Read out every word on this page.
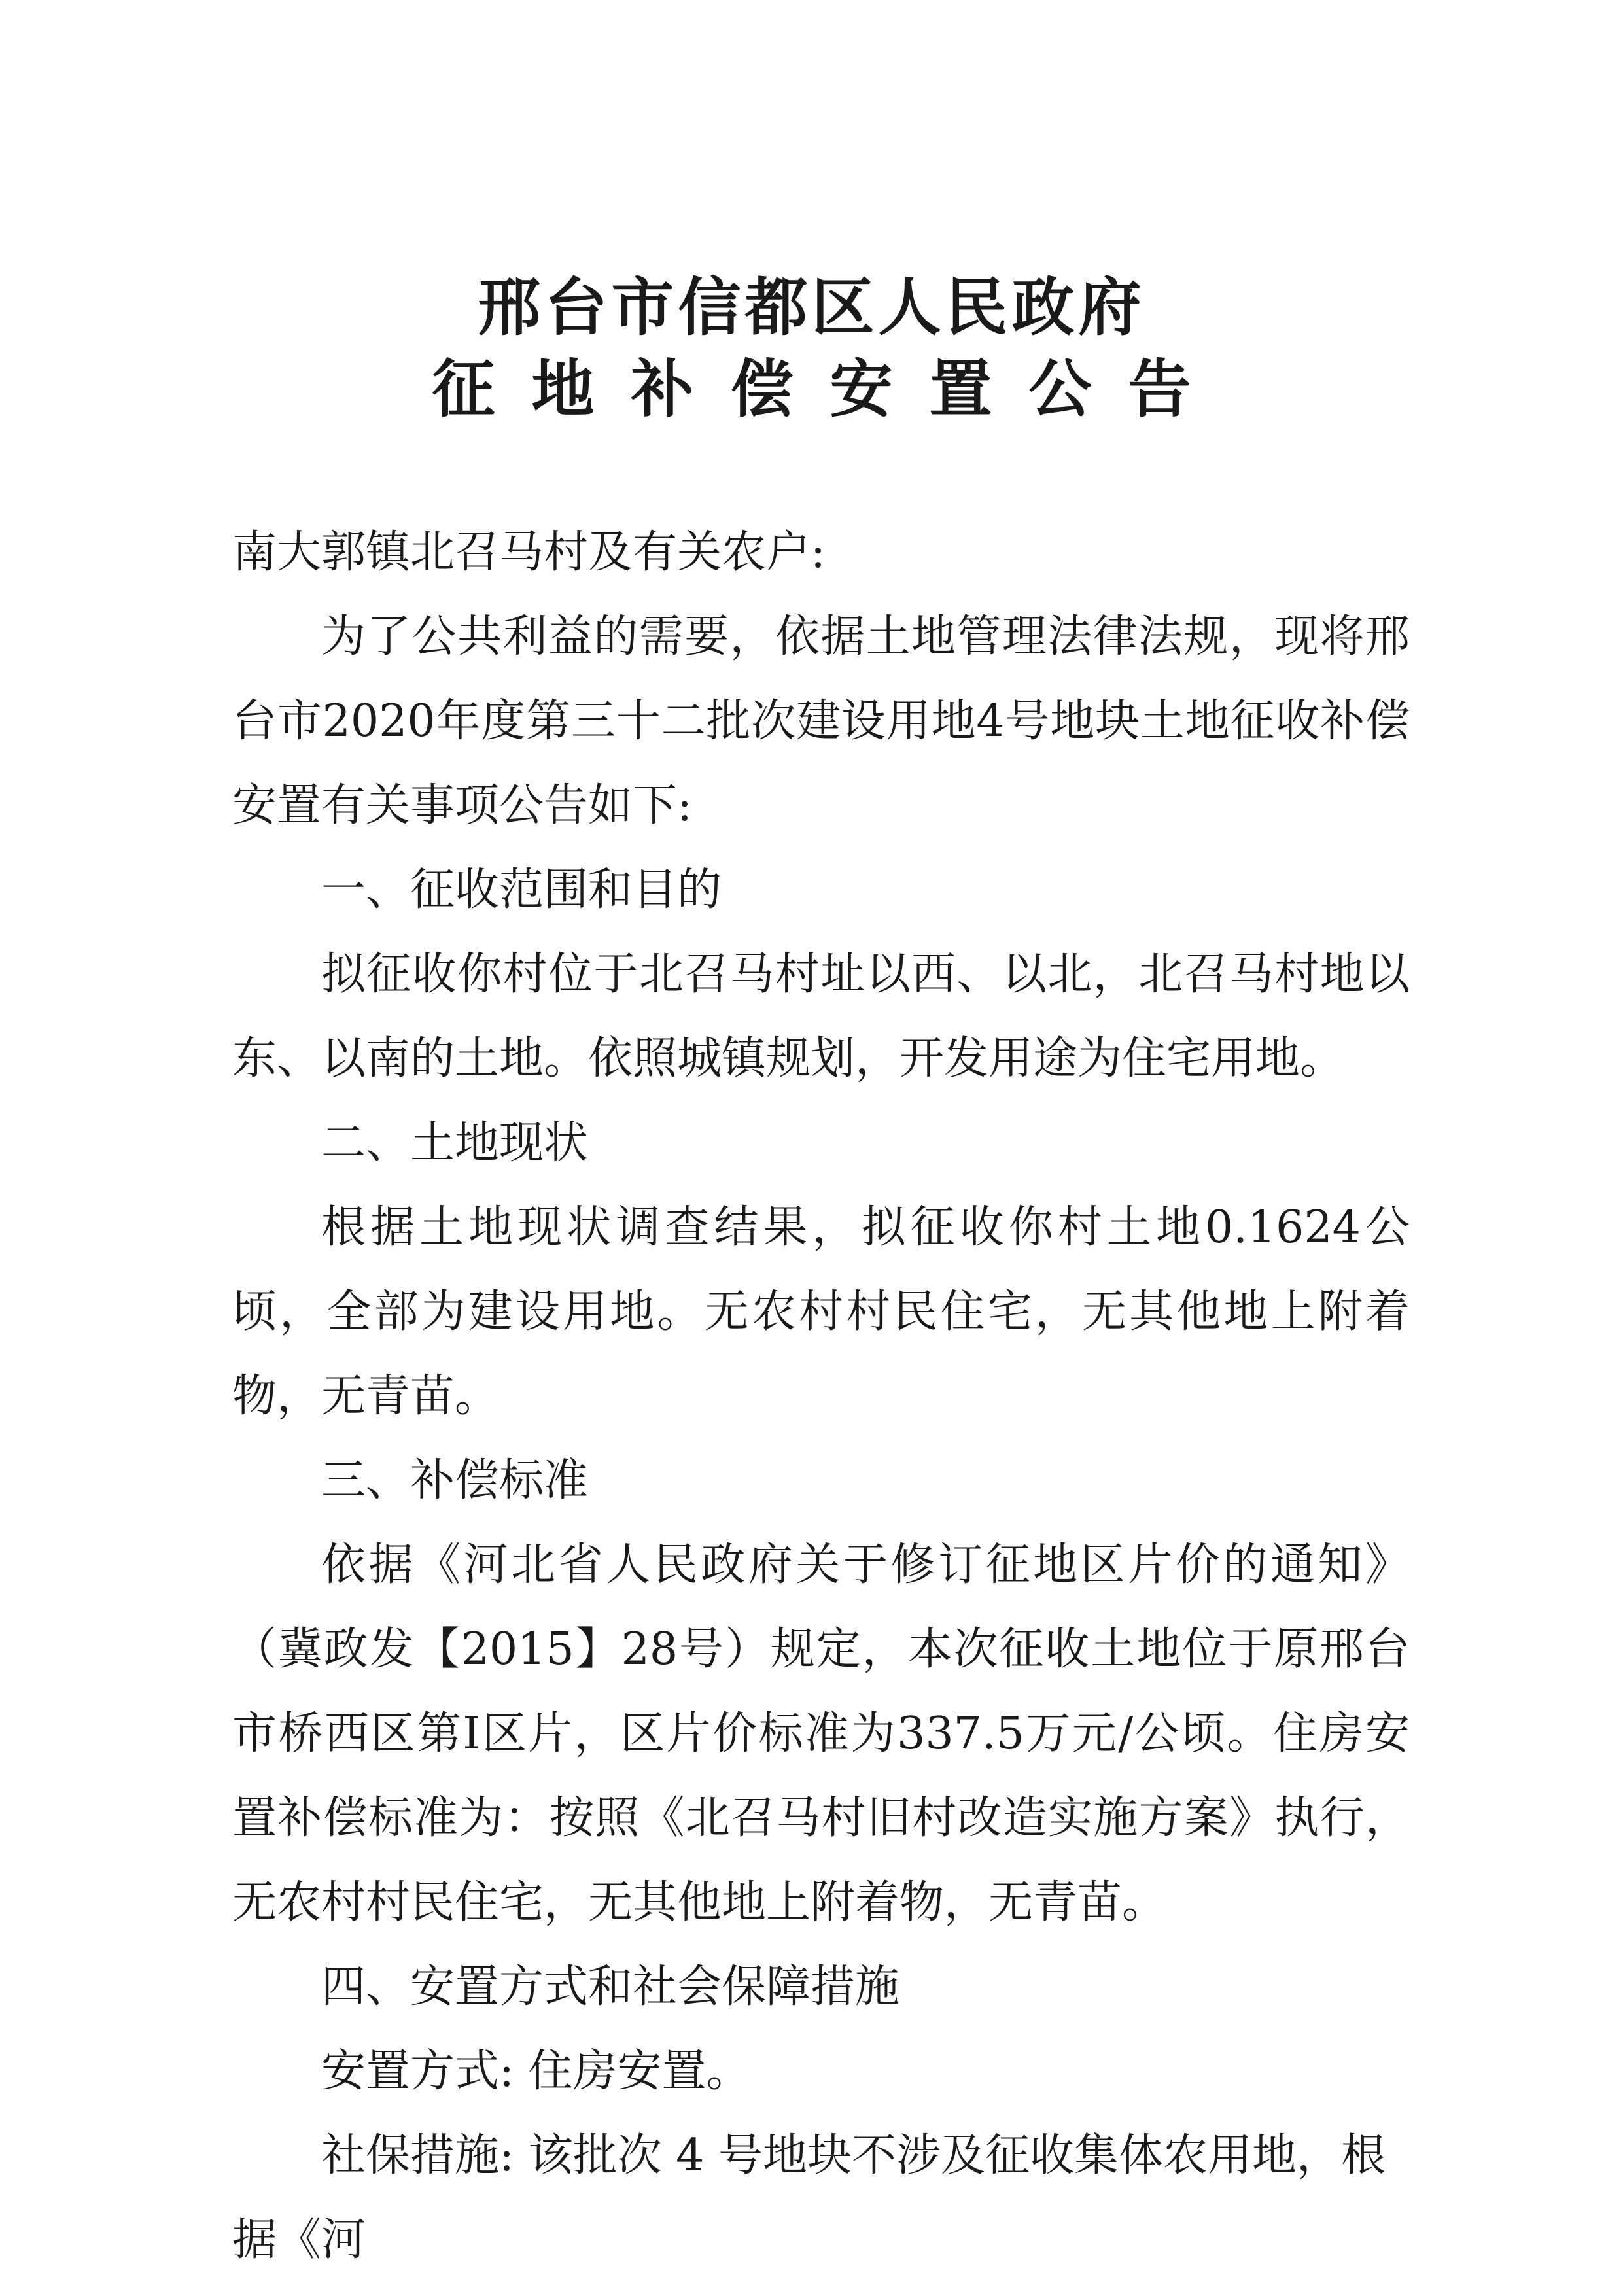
邢台市信都区人民政府
征地补偿安置公告

南大郭镇北召马村及有关农户:

为了公共利益的需要，依据土地管理法律法规，现将邢台市2020年度第三十二批次建设用地4号地块土地征收补偿安置有关事项公告如下:

一、征收范围和目的

拟征收你村位于北召马村址以西、以北，北召马村地以东、以南的土地。依照城镇规划，开发用途为住宅用地。

二、土地现状

根据土地现状调查结果，拟征收你村土地0.1624公顷，全部为建设用地。无农村村民住宅，无其他地上附着物，无青苗。

三、补偿标准

依据《河北省人民政府关于修订征地区片价的通知》（冀政发【2015】28号）规定，本次征收土地位于原邢台市桥西区第Ⅰ区片，区片价标准为337.5万元/公顷。住房安置补偿标准为：按照《北召马村旧村改造实施方案》执行，无农村村民住宅，无其他地上附着物，无青苗。

四、安置方式和社会保障措施

安置方式: 住房安置。

社保措施: 该批次 4 号地块不涉及征收集体农用地，根据《河
